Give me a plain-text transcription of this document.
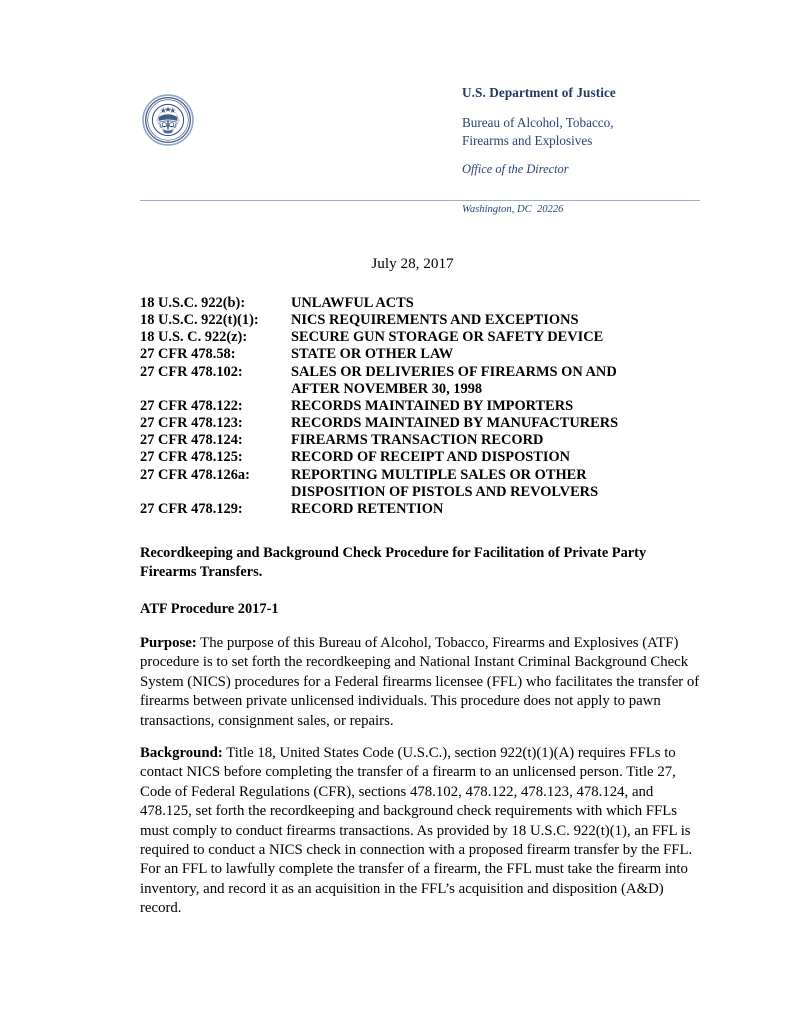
U.S. Department of Justice
Bureau of Alcohol, Tobacco,
Firearms and Explosives
Office of the Director
Washington, DC  20226
July 28, 2017
18 U.S.C. 922(b):	UNLAWFUL ACTS
18 U.S.C. 922(t)(1):	NICS REQUIREMENTS AND EXCEPTIONS
18 U.S. C. 922(z):	SECURE GUN STORAGE OR SAFETY DEVICE
27 CFR 478.58:	STATE OR OTHER LAW
27 CFR 478.102:	SALES OR DELIVERIES OF FIREARMS ON AND
AFTER NOVEMBER 30, 1998
27 CFR 478.122:	RECORDS MAINTAINED BY IMPORTERS
27 CFR 478.123:	RECORDS MAINTAINED BY MANUFACTURERS
27 CFR 478.124:	FIREARMS TRANSACTION RECORD
27 CFR 478.125:	RECORD OF RECEIPT AND DISPOSTION
27 CFR 478.126a:	REPORTING MULTIPLE SALES OR OTHER
DISPOSITION OF PISTOLS AND REVOLVERS
27 CFR 478.129:	RECORD RETENTION
Recordkeeping and Background Check Procedure for Facilitation of Private Party Firearms Transfers.
ATF Procedure 2017-1
Purpose: The purpose of this Bureau of Alcohol, Tobacco, Firearms and Explosives (ATF) procedure is to set forth the recordkeeping and National Instant Criminal Background Check System (NICS) procedures for a Federal firearms licensee (FFL) who facilitates the transfer of firearms between private unlicensed individuals. This procedure does not apply to pawn transactions, consignment sales, or repairs.
Background: Title 18, United States Code (U.S.C.), section 922(t)(1)(A) requires FFLs to contact NICS before completing the transfer of a firearm to an unlicensed person. Title 27, Code of Federal Regulations (CFR), sections 478.102, 478.122, 478.123, 478.124, and 478.125, set forth the recordkeeping and background check requirements with which FFLs must comply to conduct firearms transactions. As provided by 18 U.S.C. 922(t)(1), an FFL is required to conduct a NICS check in connection with a proposed firearm transfer by the FFL. For an FFL to lawfully complete the transfer of a firearm, the FFL must take the firearm into inventory, and record it as an acquisition in the FFL’s acquisition and disposition (A&D) record.
